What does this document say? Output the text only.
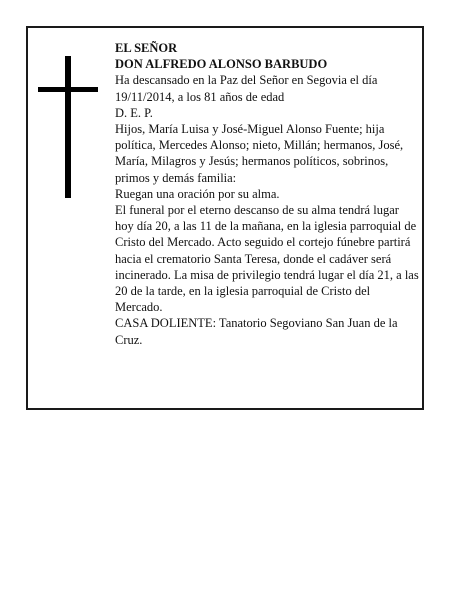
EL SEÑOR

DON ALFREDO ALONSO BARBUDO

Ha descansado en la Paz del Señor en Segovia el día 19/11/2014, a los 81 años de edad

D. E. P.

Hijos, María Luisa y José-Miguel Alonso Fuente; hija política, Mercedes Alonso; nieto, Millán; hermanos, José, María, Milagros y Jesús; hermanos políticos, sobrinos, primos y demás familia:

Ruegan una oración por su alma.

El funeral por el eterno descanso de su alma tendrá lugar hoy día 20, a las 11 de la mañana, en la iglesia parroquial de Cristo del Mercado. Acto seguido el cortejo fúnebre partirá hacia el crematorio Santa Teresa, donde el cadáver será incinerado. La misa de privilegio tendrá lugar el día 21, a las 20 de la tarde, en la iglesia parroquial de Cristo del Mercado.

CASA DOLIENTE: Tanatorio Segoviano San Juan de la Cruz.
